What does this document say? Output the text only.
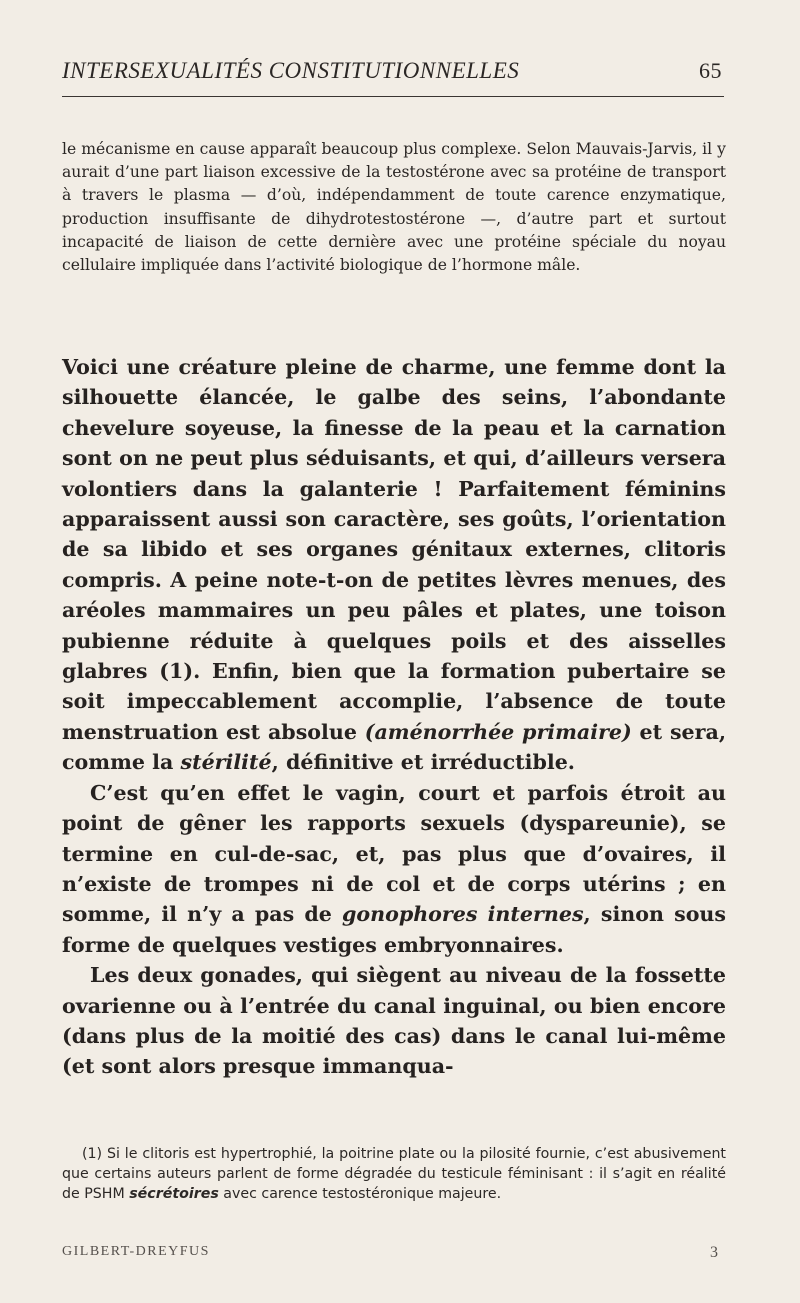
INTERSEXUALITÉS CONSTITUTIONNELLES	65

le mécanisme en cause apparaît beaucoup plus complexe. Selon Mauvais-Jarvis, il y aurait d’une part liaison excessive de la testostérone avec sa protéine de transport à travers le plasma — d’où, indépendamment de toute carence enzymatique, production insuffisante de dihydrotestostérone —, d’autre part et surtout incapacité de liaison de cette dernière avec une protéine spéciale du noyau cellulaire impliquée dans l’activité biologique de l’hormone mâle.

Voici une créature pleine de charme, une femme dont la silhouette élancée, le galbe des seins, l’abondante chevelure soyeuse, la finesse de la peau et la carnation sont on ne peut plus séduisants, et qui, d’ailleurs versera volontiers dans la galanterie ! Parfaitement féminins apparaissent aussi son caractère, ses goûts, l’orientation de sa libido et ses organes génitaux externes, clitoris compris. A peine note-t-on de petites lèvres menues, des aréoles mammaires un peu pâles et plates, une toison pubienne réduite à quelques poils et des aisselles glabres (1). Enfin, bien que la formation pubertaire se soit impeccablement accomplie, l’absence de toute menstruation est absolue (aménorrhée primaire) et sera, comme la stérilité, définitive et irréductible.

C’est qu’en effet le vagin, court et parfois étroit au point de gêner les rapports sexuels (dyspareunie), se termine en cul-de-sac, et, pas plus que d’ovaires, il n’existe de trompes ni de col et de corps utérins ; en somme, il n’y a pas de gonophores internes, sinon sous forme de quelques vestiges embryonnaires.

Les deux gonades, qui siègent au niveau de la fossette ovarienne ou à l’entrée du canal inguinal, ou bien encore (dans plus de la moitié des cas) dans le canal lui-même (et sont alors presque immanqua-

(1) Si le clitoris est hypertrophié, la poitrine plate ou la pilosité fournie, c’est abusivement que certains auteurs parlent de forme dégradée du testicule féminisant : il s’agit en réalité de PSHM sécrétoires avec carence testostéronique majeure.

GILBERT-DREYFUS	3
